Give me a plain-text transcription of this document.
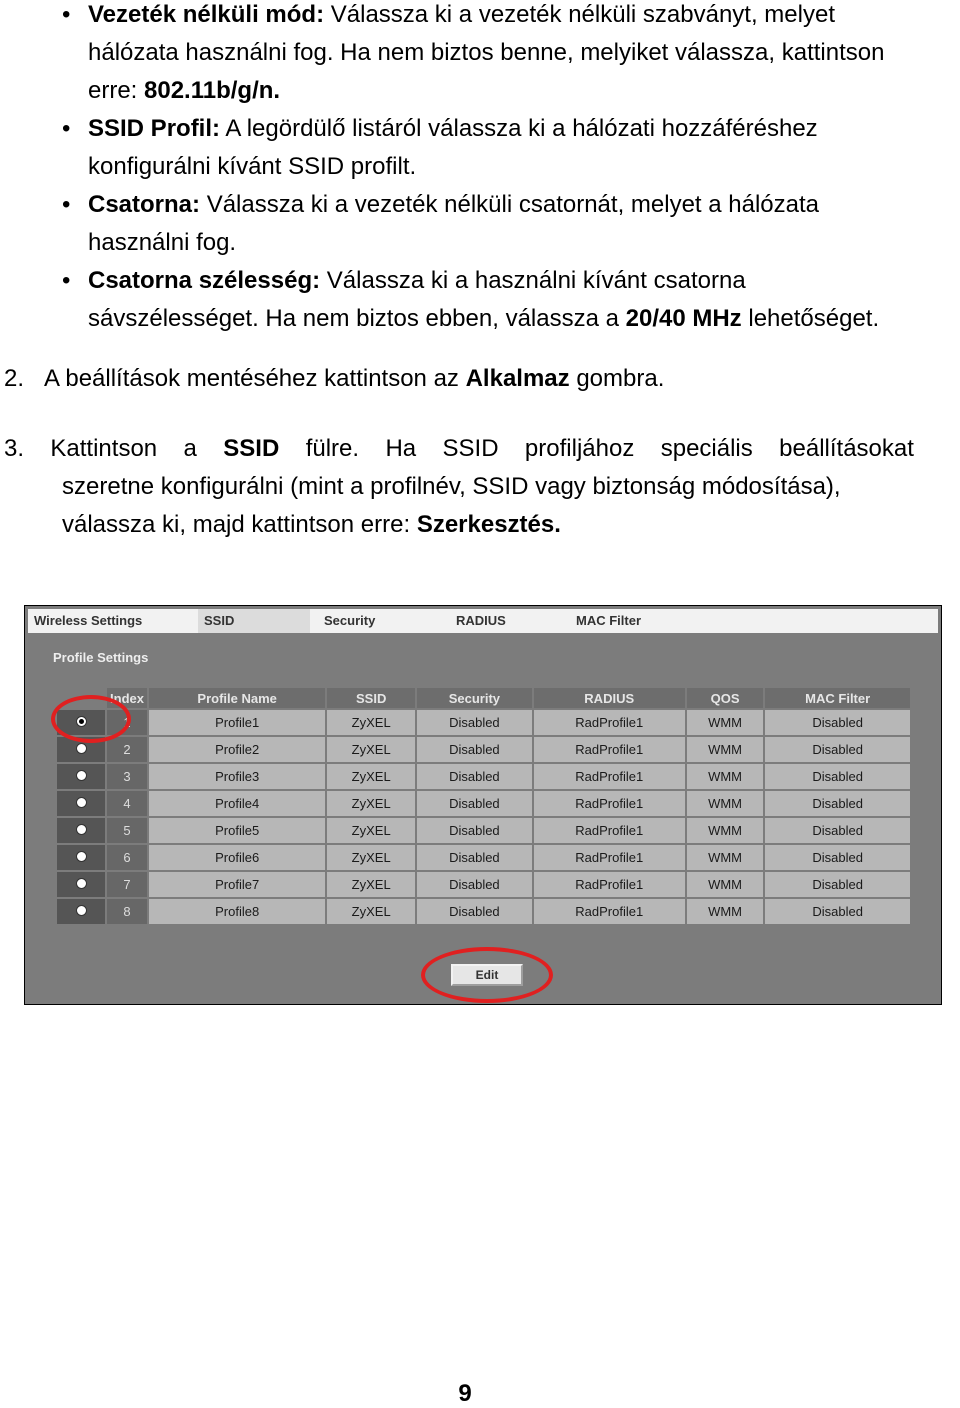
• Vezeték nélküli mód: Válassza ki a vezeték nélküli szabványt, melyet
hálózata használni fog. Ha nem biztos benne, melyiket válassza, kattintson
erre: 802.11b/g/n.
• SSID Profil: A legördülő listáról válassza ki a hálózati hozzáféréshez
konfigurálni kívánt SSID profilt.
• Csatorna: Válassza ki a vezeték nélküli csatornát, melyet a hálózata
használni fog.
• Csatorna szélesség: Válassza ki a használni kívánt csatorna
sávszélességet. Ha nem biztos ebben, válassza a 20/40 MHz lehetőséget.
2. A beállítások mentéséhez kattintson az Alkalmaz gombra.
3. Kattintson a SSID fülre. Ha SSID profiljához speciális beállításokat
szeretne konfigurálni (mint a profilnév, SSID vagy biztonság módosítása),
válassza ki, majd kattintson erre: Szerkesztés.
Wireless Settings	SSID	Security	RADIUS	MAC Filter
Profile Settings
	Index	Profile Name	SSID	Security	RADIUS	QOS	MAC Filter
	1	Profile1	ZyXEL	Disabled	RadProfile1	WMM	Disabled
	2	Profile2	ZyXEL	Disabled	RadProfile1	WMM	Disabled
	3	Profile3	ZyXEL	Disabled	RadProfile1	WMM	Disabled
	4	Profile4	ZyXEL	Disabled	RadProfile1	WMM	Disabled
	5	Profile5	ZyXEL	Disabled	RadProfile1	WMM	Disabled
	6	Profile6	ZyXEL	Disabled	RadProfile1	WMM	Disabled
	7	Profile7	ZyXEL	Disabled	RadProfile1	WMM	Disabled
	8	Profile8	ZyXEL	Disabled	RadProfile1	WMM	Disabled
Edit
9
